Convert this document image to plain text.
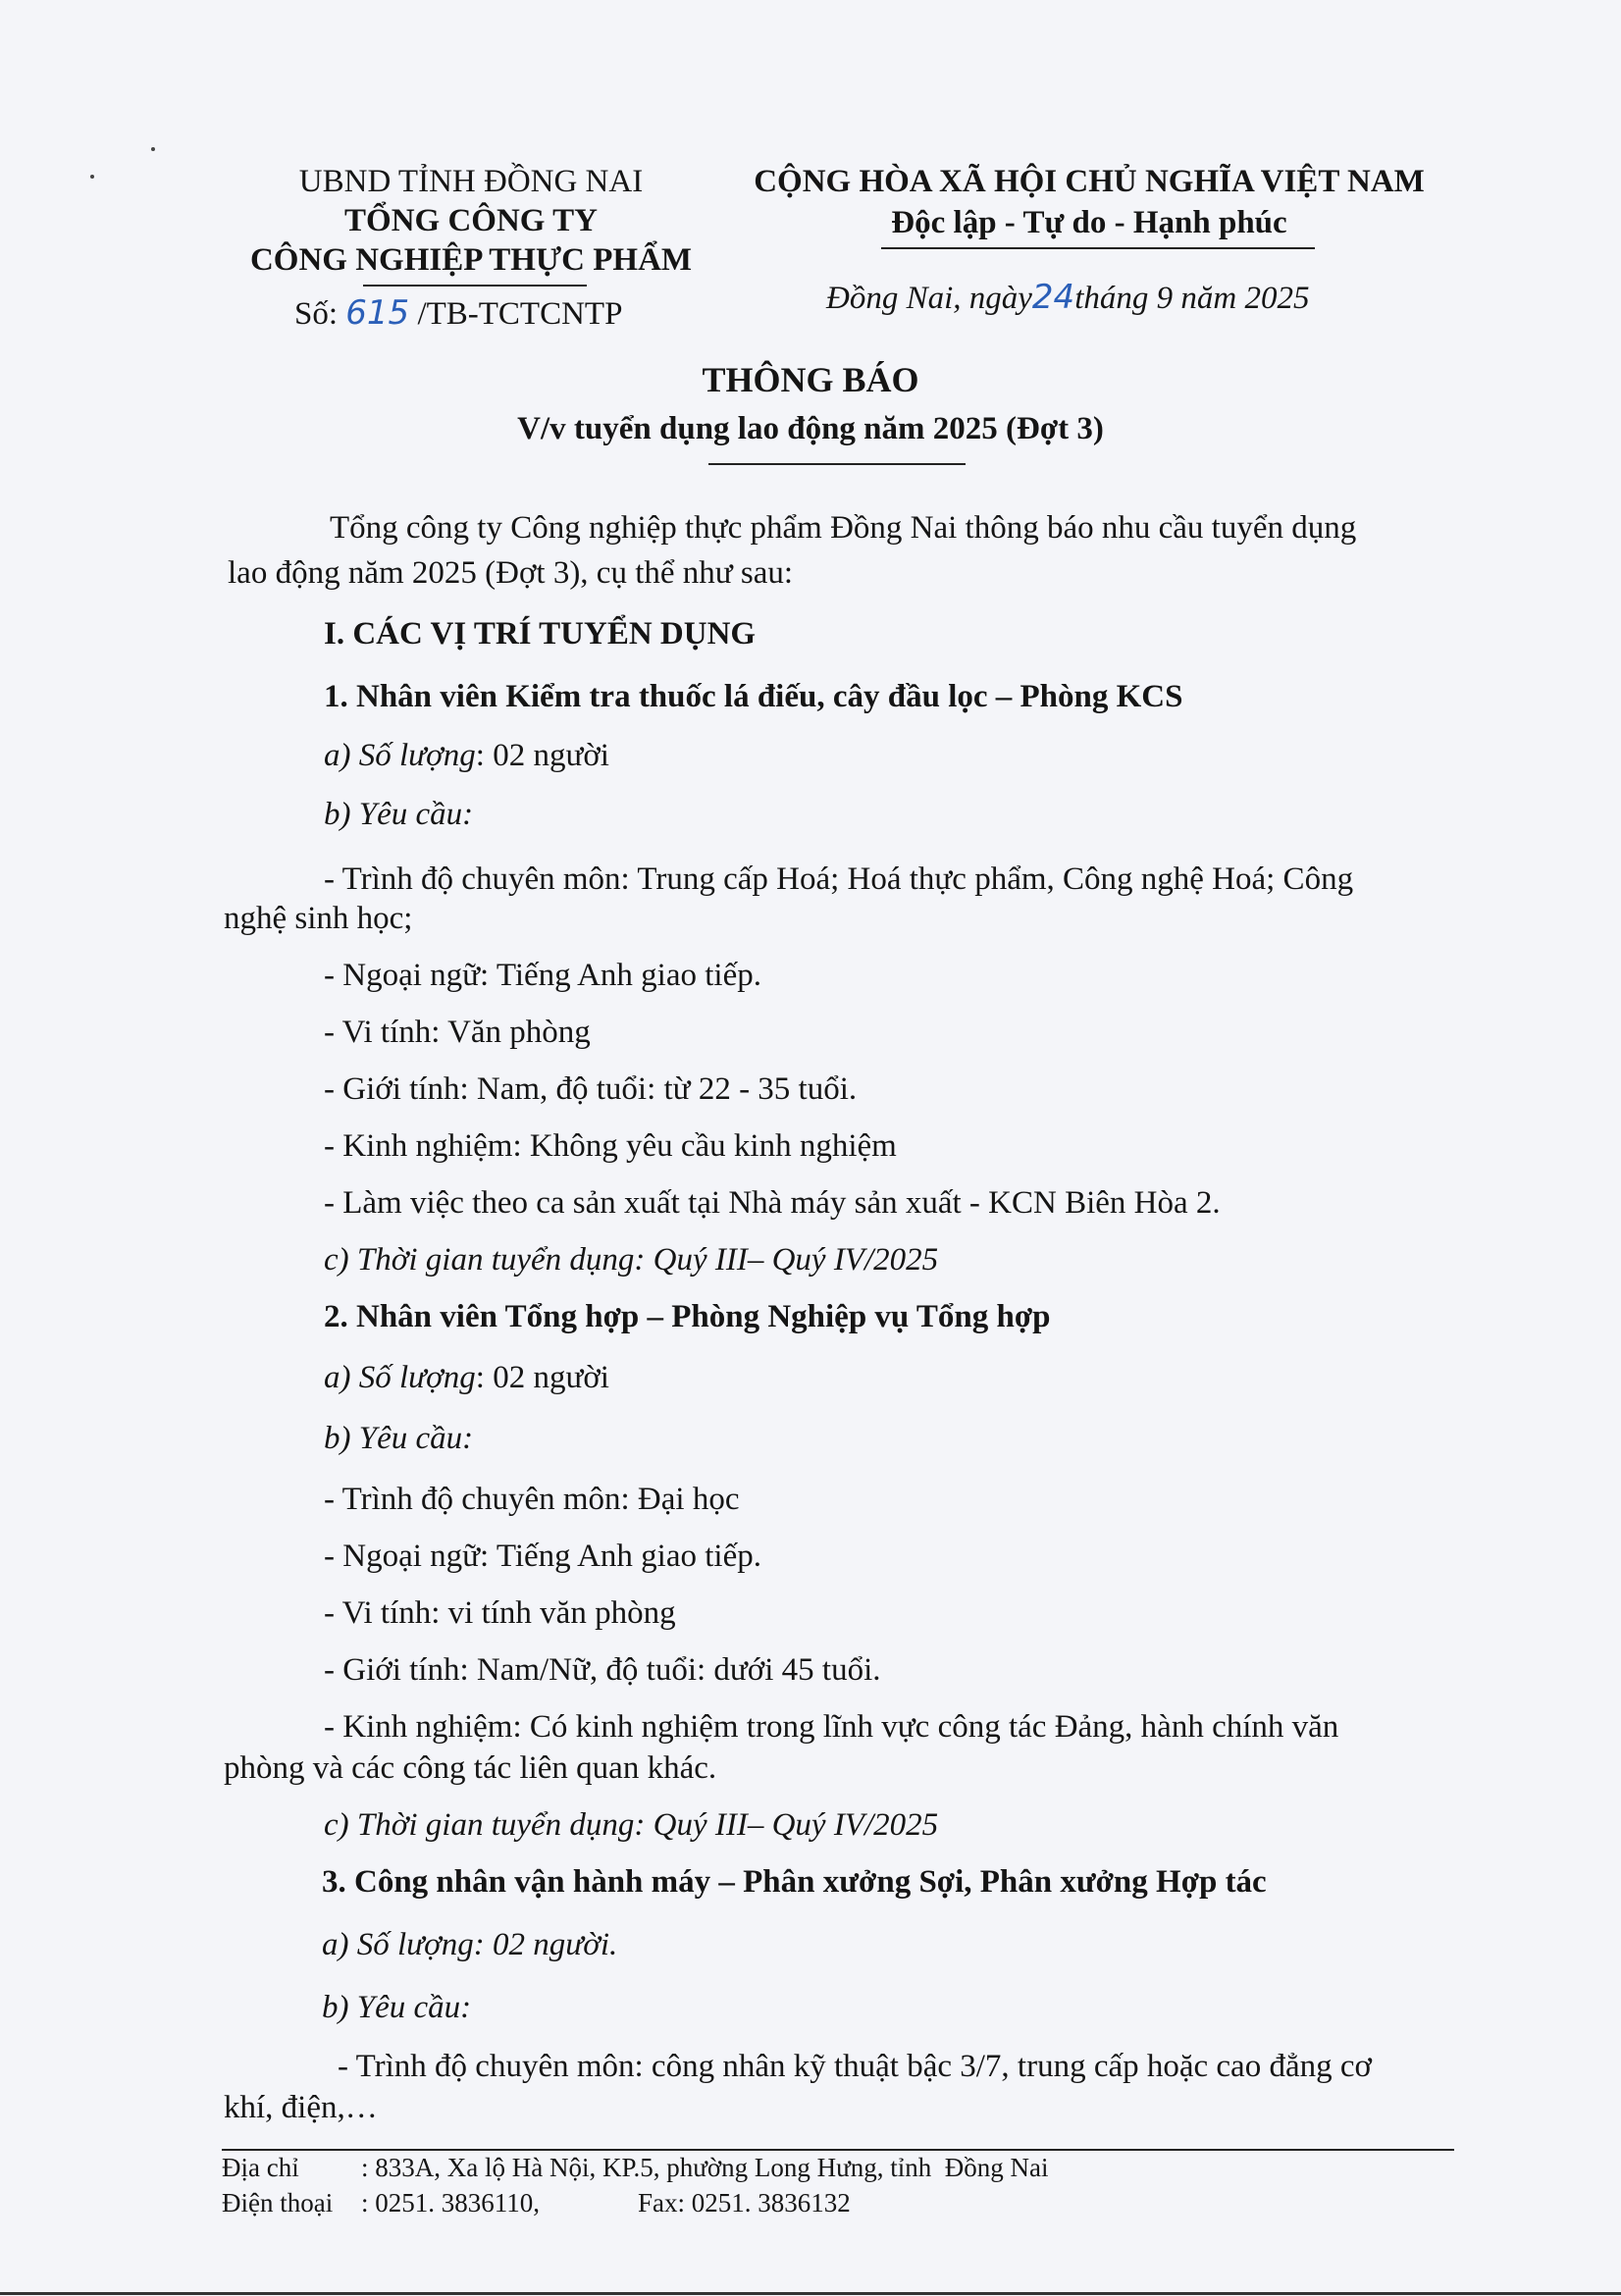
UBND TỈNH ĐỒNG NAI
TỔNG CÔNG TY
CÔNG NGHIỆP THỰC PHẨM
Số: 615 /TB-TCTCNTP
CỘNG HÒA XÃ HỘI CHỦ NGHĨA VIỆT NAM
Độc lập - Tự do - Hạnh phúc
Đồng Nai, ngày24tháng 9 năm 2025
THÔNG BÁO
V/v tuyển dụng lao động năm 2025 (Đợt 3)
Tổng công ty Công nghiệp thực phẩm Đồng Nai thông báo nhu cầu tuyển dụng
lao động năm 2025 (Đợt 3), cụ thể như sau:
I. CÁC VỊ TRÍ TUYỂN DỤNG
1. Nhân viên Kiểm tra thuốc lá điếu, cây đầu lọc – Phòng KCS
a) Số lượng: 02 người
b) Yêu cầu:
- Trình độ chuyên môn: Trung cấp Hoá; Hoá thực phẩm, Công nghệ Hoá; Công
nghệ sinh học;
- Ngoại ngữ: Tiếng Anh giao tiếp.
- Vi tính: Văn phòng
- Giới tính: Nam, độ tuổi: từ 22 - 35 tuổi.
- Kinh nghiệm: Không yêu cầu kinh nghiệm
- Làm việc theo ca sản xuất tại Nhà máy sản xuất - KCN Biên Hòa 2.
c) Thời gian tuyển dụng: Quý III– Quý IV/2025
2. Nhân viên Tổng hợp – Phòng Nghiệp vụ Tổng hợp
a) Số lượng: 02 người
b) Yêu cầu:
- Trình độ chuyên môn: Đại học
- Ngoại ngữ: Tiếng Anh giao tiếp.
- Vi tính: vi tính văn phòng
- Giới tính: Nam/Nữ, độ tuổi: dưới 45 tuổi.
- Kinh nghiệm: Có kinh nghiệm trong lĩnh vực công tác Đảng, hành chính văn
phòng và các công tác liên quan khác.
c) Thời gian tuyển dụng: Quý III– Quý IV/2025
3. Công nhân vận hành máy – Phân xưởng Sợi, Phân xưởng Hợp tác
a) Số lượng: 02 người.
b) Yêu cầu:
- Trình độ chuyên môn: công nhân kỹ thuật bậc 3/7, trung cấp hoặc cao đẳng cơ
khí, điện,…
Địa chỉ : 833A, Xa lộ Hà Nội, KP.5, phường Long Hưng, tỉnh  Đồng Nai
Điện thoại : 0251. 3836110,	Fax: 0251. 3836132
